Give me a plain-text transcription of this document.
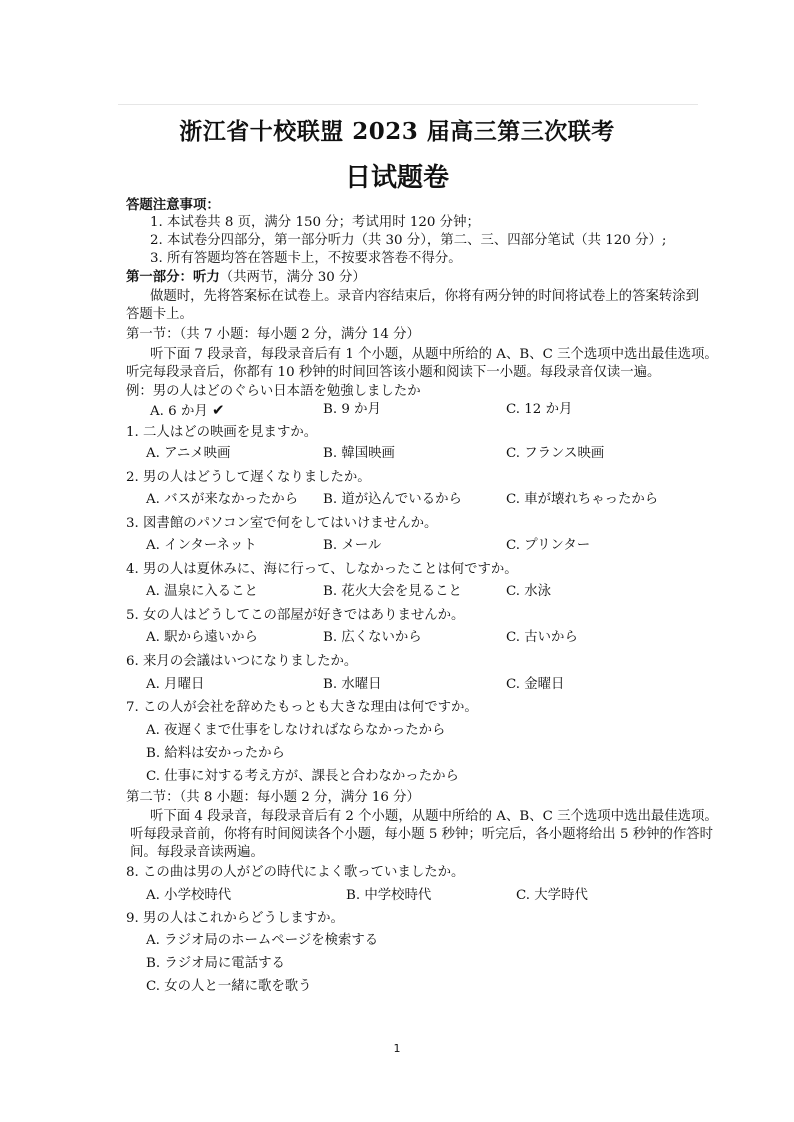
浙江省十校联盟 2023 届高三第三次联考
日试题卷
答题注意事项：
1. 本试卷共 8 页，满分 150 分；考试用时 120 分钟；
2. 本试卷分四部分，第一部分听力（共 30 分），第二、三、四部分笔试（共 120 分）;
3. 所有答题均答在答题卡上，不按要求答卷不得分。
第一部分：听力（共两节，满分 30 分）
做题时，先将答案标在试卷上。录音内容结束后，你将有两分钟的时间将试卷上的答案转涂到
答题卡上。
第一节：（共 7 小题：每小题 2 分，满分 14 分）
听下面 7 段录音，每段录音后有 1 个小题，从题中所给的 A、B、C 三个选项中选出最佳选项。
听完每段录音后，你都有 10 秒钟的时间回答该小题和阅读下一小题。每段录音仅读一遍。
例：男の人はどのぐらい日本語を勉強しましたか
A. 6 か月 ✔	B. 9 か月	C. 12 か月
1. 二人はどの映画を見ますか。
A. アニメ映画	B. 韓国映画	C. フランス映画
2. 男の人はどうして遅くなりましたか。
A. バスが来なかったから B. 道が込んでいるから	C. 車が壊れちゃったから
3. 図書館のパソコン室で何をしてはいけませんか。
A. インターネット	B. メール	C. プリンター
4. 男の人は夏休みに、海に行って、しなかったことは何ですか。
A. 温泉に入ること	B. 花火大会を見ること	C. 水泳
5. 女の人はどうしてこの部屋が好きではありませんか。
A. 駅から遠いから	B. 広くないから	C. 古いから
6. 来月の会議はいつになりましたか。
A. 月曜日	B. 水曜日	C. 金曜日
7. この人が会社を辞めたもっとも大きな理由は何ですか。
A. 夜遅くまで仕事をしなければならなかったから
B. 給料は安かったから
C. 仕事に対する考え方が、課長と合わなかったから
第二节：（共 8 小题：每小题 2 分，满分 16 分）
听下面 4 段录音，每段录音后有 2 个小题，从题中所给的 A、B、C 三个选项中选出最佳选项。
听每段录音前，你将有时间阅读各个小题，每小题 5 秒钟；听完后，各小题将给出 5 秒钟的作答时
间。每段录音读两遍。
8. この曲は男の人がどの時代によく歌っていましたか。
A. 小学校時代	B. 中学校時代	C. 大学時代
9. 男の人はこれからどうしますか。
A. ラジオ局のホームページを検索する
B. ラジオ局に電話する
C. 女の人と一緒に歌を歌う
1
